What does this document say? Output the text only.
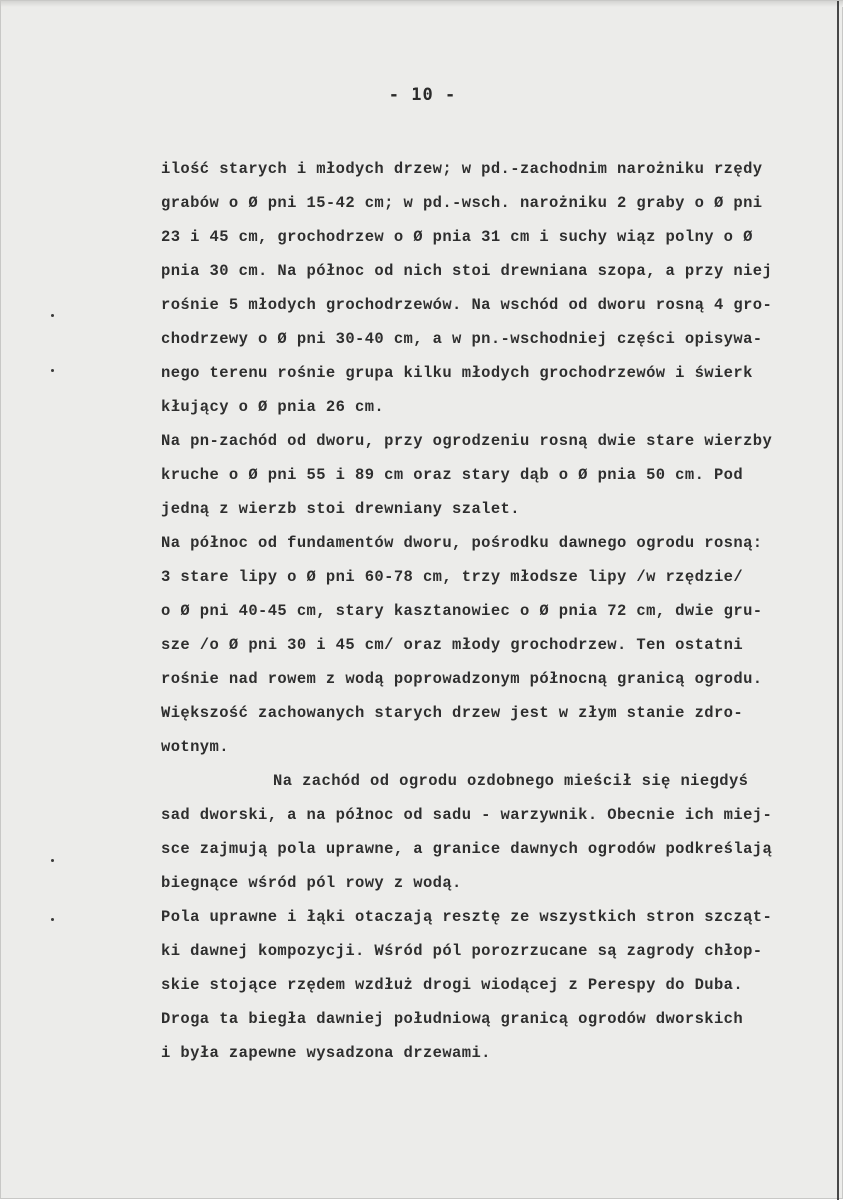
- 10 -
ilość starych i młodych drzew; w pd.-zachodnim narożniku rzędy
grabów o Ø pni 15-42 cm; w pd.-wsch. narożniku 2 graby o Ø pni
23 i 45 cm, grochodrzew o Ø pnia 31 cm i suchy wiąz polny o Ø
pnia 30 cm. Na północ od nich stoi drewniana szopa, a przy niej
rośnie 5 młodych grochodrzewów. Na wschód od dworu rosną 4 gro-
chodrzewy o Ø pni 30-40 cm, a w pn.-wschodniej części opisywa-
nego terenu rośnie grupa kilku młodych grochodrzewów i świerk
kłujący o Ø pnia 26 cm.
Na pn-zachód od dworu, przy ogrodzeniu rosną dwie stare wierzby
kruche o Ø pni 55 i 89 cm oraz stary dąb o Ø pnia 50 cm. Pod
jedną z wierzb stoi drewniany szalet.
Na północ od fundamentów dworu, pośrodku dawnego ogrodu rosną:
3 stare lipy o Ø pni 60-78 cm, trzy młodsze lipy /w rzędzie/
o Ø pni 40-45 cm, stary kasztanowiec o Ø pnia 72 cm, dwie gru-
sze /o Ø pni 30 i 45 cm/ oraz młody grochodrzew. Ten ostatni
rośnie nad rowem z wodą poprowadzonym północną granicą ogrodu.
Większość zachowanych starych drzew jest w złym stanie zdro-
wotnym.
Na zachód od ogrodu ozdobnego mieścił się niegdyś
sad dworski, a na północ od sadu - warzywnik. Obecnie ich miej-
sce zajmują pola uprawne, a granice dawnych ogrodów podkreślają
biegnące wśród pól rowy z wodą.
Pola uprawne i łąki otaczają resztę ze wszystkich stron szcząt-
ki dawnej kompozycji. Wśród pól porozrzucane są zagrody chłop-
skie stojące rzędem wzdłuż drogi wiodącej z Perespy do Duba.
Droga ta biegła dawniej południową granicą ogrodów dworskich
i była zapewne wysadzona drzewami.
